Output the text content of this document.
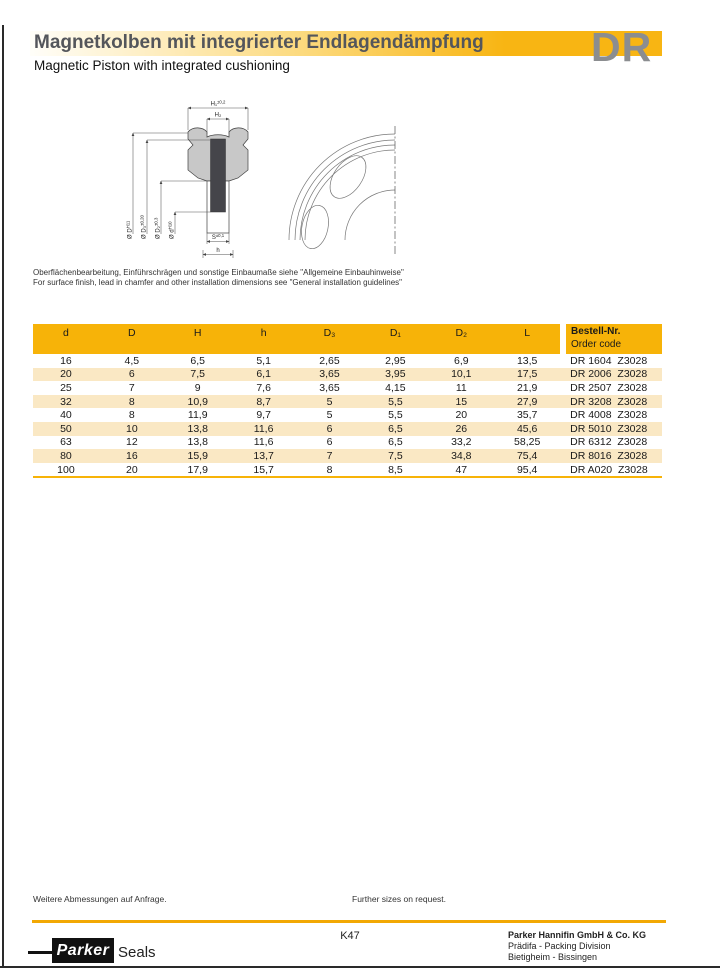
Magnetkolben mit integrierter Endlagendämpfung	DR
Magnetic Piston with integrated cushioning
H₁$^{\pm 0,2}$
H₂
Ø $D^{H11}$
Ø D₃$^{\pm 0,20}$
Ø D₂$^{\pm 0,3}$
Ø $d^{H10}$
$S^{\pm 0,1}$
h
Oberflächenbearbeitung, Einführschrägen und sonstige Einbaumaße siehe "Allgemeine Einbauhinweise"
For surface finish, lead in chamfer and other installation dimensions see "General installation guidelines"
d	D	H	h	D₃	D₁	D₂	L	Bestell-Nr.
Order code
16	4,5	6,5	5,1	2,65	2,95	6,9	13,5	DR 1604  Z3028
20	6	7,5	6,1	3,65	3,95	10,1	17,5	DR 2006  Z3028
25	7	9	7,6	3,65	4,15	11	21,9	DR 2507  Z3028
32	8	10,9	8,7	5	5,5	15	27,9	DR 3208  Z3028
40	8	11,9	9,7	5	5,5	20	35,7	DR 4008  Z3028
50	10	13,8	11,6	6	6,5	26	45,6	DR 5010  Z3028
63	12	13,8	11,6	6	6,5	33,2	58,25	DR 6312  Z3028
80	16	15,9	13,7	7	7,5	34,8	75,4	DR 8016  Z3028
100	20	17,9	15,7	8	8,5	47	95,4	DR A020  Z3028
Weitere Abmessungen auf Anfrage.	Further sizes on request.
Parker Seals
K47	Parker Hannifin GmbH & Co. KG
Prädifa - Packing Division
Bietigheim - Bissingen
